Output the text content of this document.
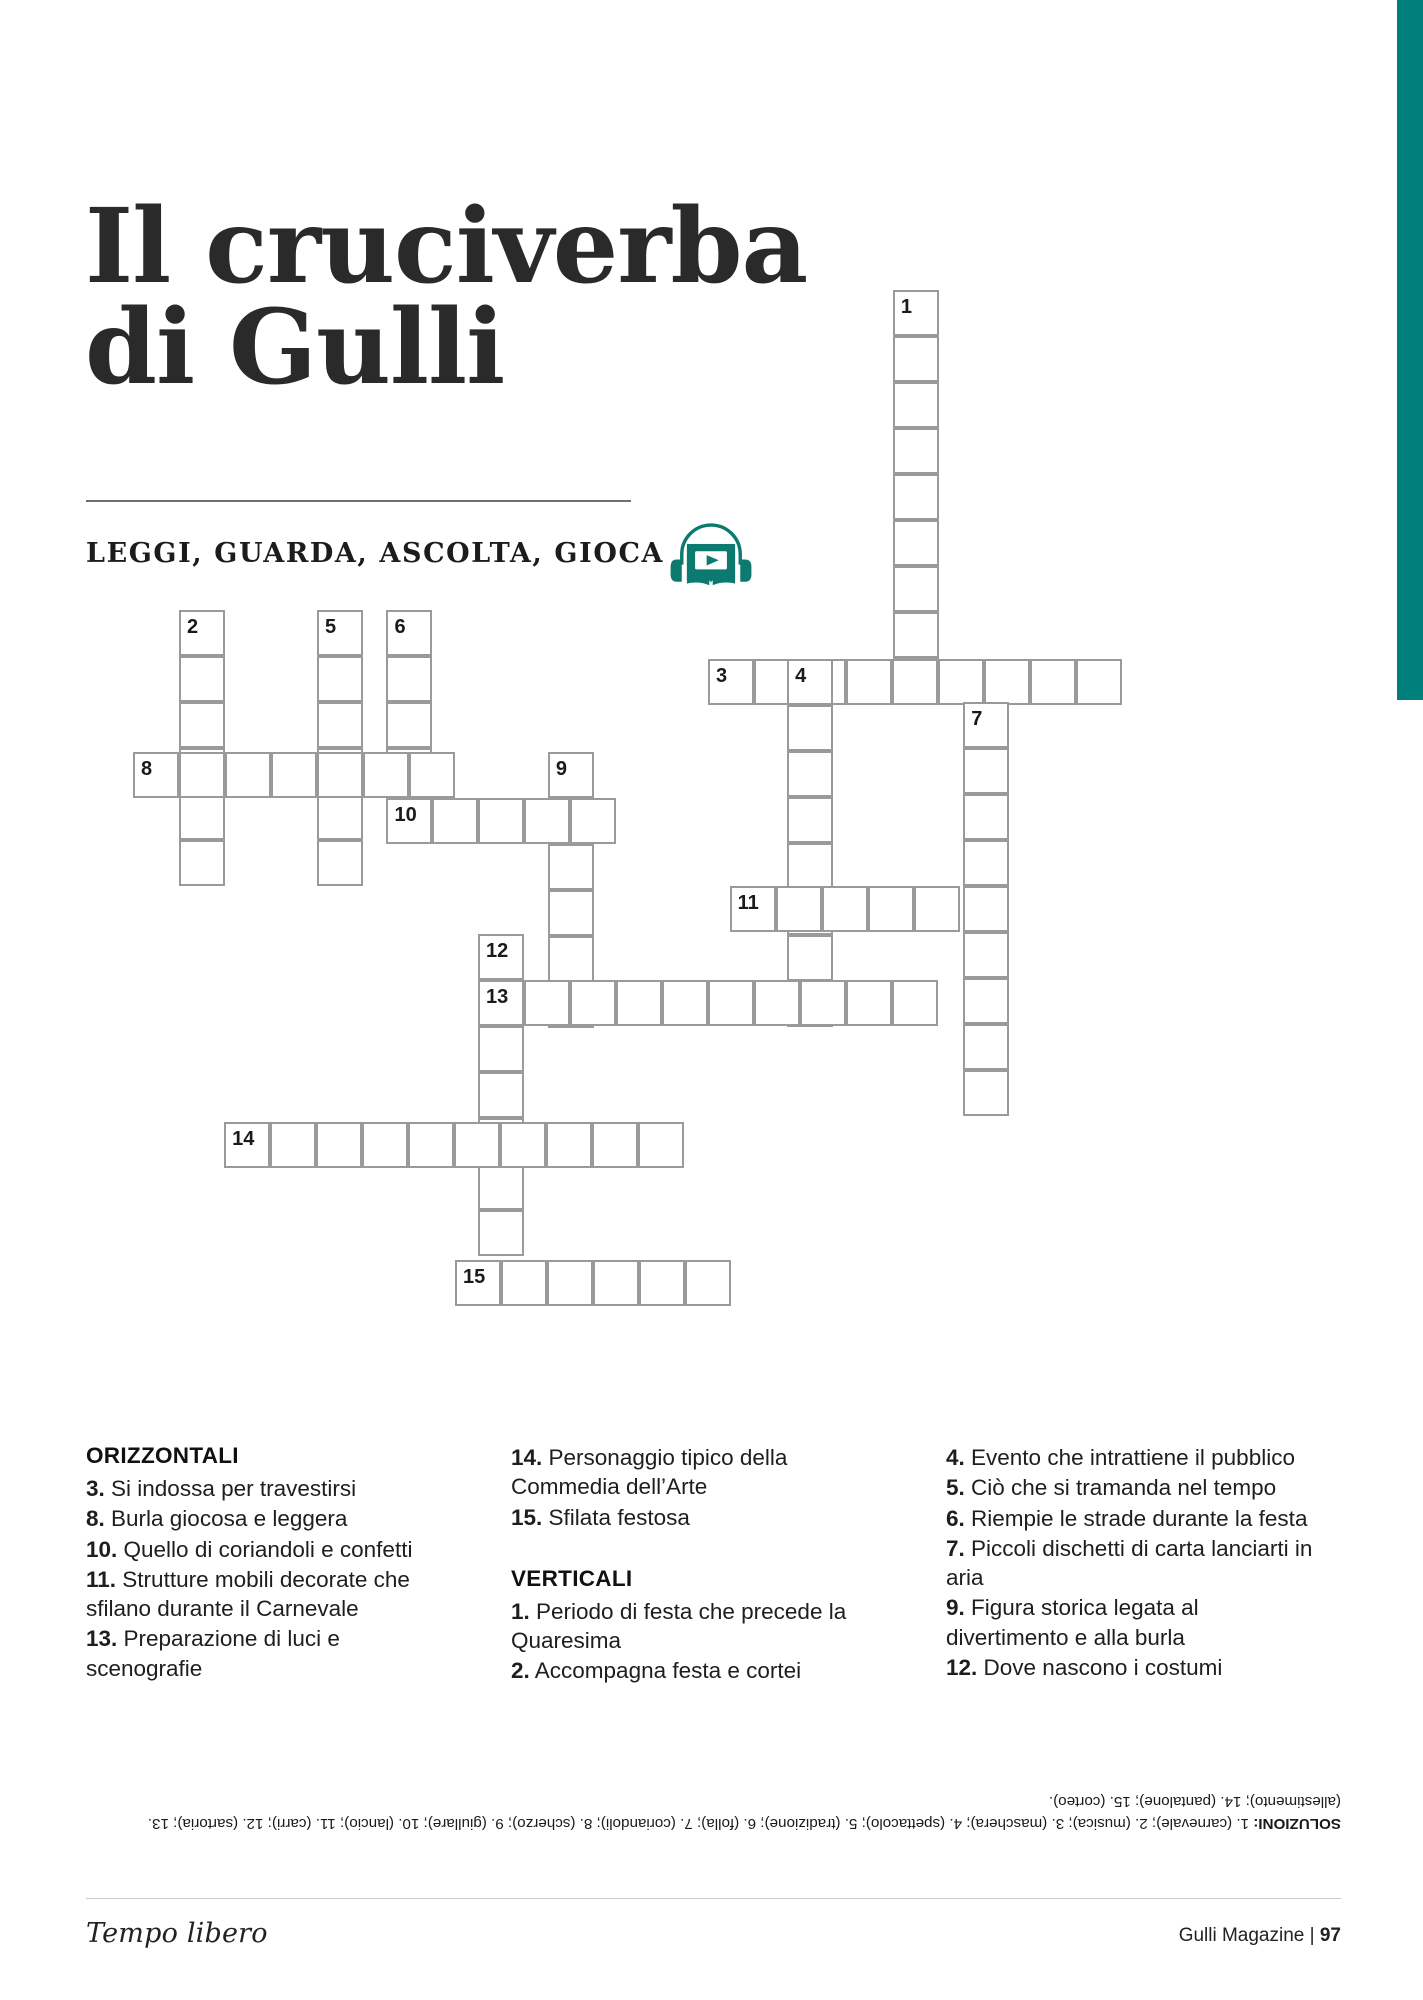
Il cruciverba
di Gulli
LEGGI, GUARDA, ASCOLTA, GIOCA
1
2
3	4
5	6
7
8	9
10
11
12
13
14
15
ORIZZONTALI

3. Si indossa per travestirsi

8. Burla giocosa e leggera

10. Quello di coriandoli e confetti

11. Strutture mobili decorate che sfilano durante il Carnevale

13. Preparazione di luci e scenografie

14. Personaggio tipico della Commedia dell’Arte

15. Sfilata festosa

VERTICALI

1. Periodo di festa che precede la Quaresima

2. Accompagna festa e cortei

4. Evento che intrattiene il pubblico

5. Ciò che si tramanda nel tempo

6. Riempie le strade durante la festa

7. Piccoli dischetti di carta lanciarti in aria

9. Figura storica legata al divertimento e alla burla

12. Dove nascono i costumi

SOLUZIONI: 1. (carnevale); 2. (musica); 3. (maschera); 4. (spettacolo); 5. (tradizione); 6. (folla); 7. (coriandoli); 8. (scherzo); 9. (giullare); 10. (lancio); 11. (carri); 12. (sartoria); 13. (allestimento); 14. (pantalone); 15. (corteo).
Tempo libero	Gulli Magazine | 97
